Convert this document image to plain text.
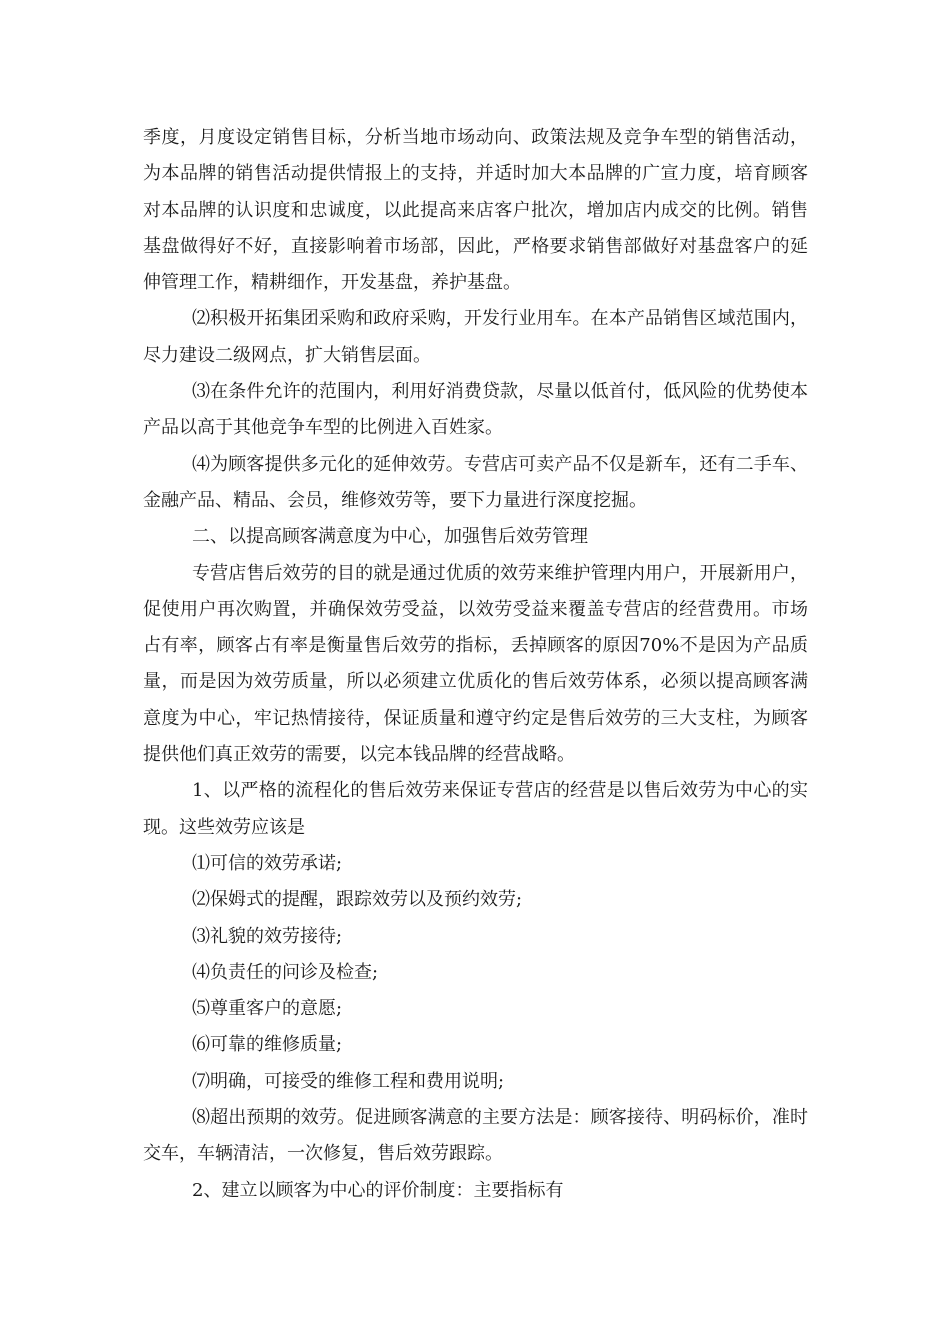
季度，月度设定销售目标，分析当地市场动向、政策法规及竞争车型的销售活动，为本品牌的销售活动提供情报上的支持，并适时加大本品牌的广宣力度，培育顾客对本品牌的认识度和忠诚度，以此提高来店客户批次，增加店内成交的比例。销售基盘做得好不好，直接影响着市场部，因此，严格要求销售部做好对基盘客户的延伸管理工作，精耕细作，开发基盘，养护基盘。

⑵积极开拓集团采购和政府采购，开发行业用车。在本产品销售区域范围内，尽力建设二级网点，扩大销售层面。

⑶在条件允许的范围内，利用好消费贷款，尽量以低首付，低风险的优势使本产品以高于其他竞争车型的比例进入百姓家。

⑷为顾客提供多元化的延伸效劳。专营店可卖产品不仅是新车，还有二手车、金融产品、精品、会员，维修效劳等，要下力量进行深度挖掘。

二、以提高顾客满意度为中心，加强售后效劳管理

专营店售后效劳的目的就是通过优质的效劳来维护管理内用户，开展新用户，促使用户再次购置，并确保效劳受益，以效劳受益来覆盖专营店的经营费用。市场占有率，顾客占有率是衡量售后效劳的指标，丢掉顾客的原因70%不是因为产品质量，而是因为效劳质量，所以必须建立优质化的售后效劳体系，必须以提高顾客满意度为中心，牢记热情接待，保证质量和遵守约定是售后效劳的三大支柱，为顾客提供他们真正效劳的需要，以完本钱品牌的经营战略。

1、以严格的流程化的售后效劳来保证专营店的经营是以售后效劳为中心的实现。这些效劳应该是

⑴可信的效劳承诺;

⑵保姆式的提醒，跟踪效劳以及预约效劳;

⑶礼貌的效劳接待;

⑷负责任的问诊及检查;

⑸尊重客户的意愿;

⑹可靠的维修质量;

⑺明确，可接受的维修工程和费用说明;

⑻超出预期的效劳。促进顾客满意的主要方法是：顾客接待、明码标价，准时交车，车辆清洁，一次修复，售后效劳跟踪。

2、建立以顾客为中心的评价制度：主要指标有
